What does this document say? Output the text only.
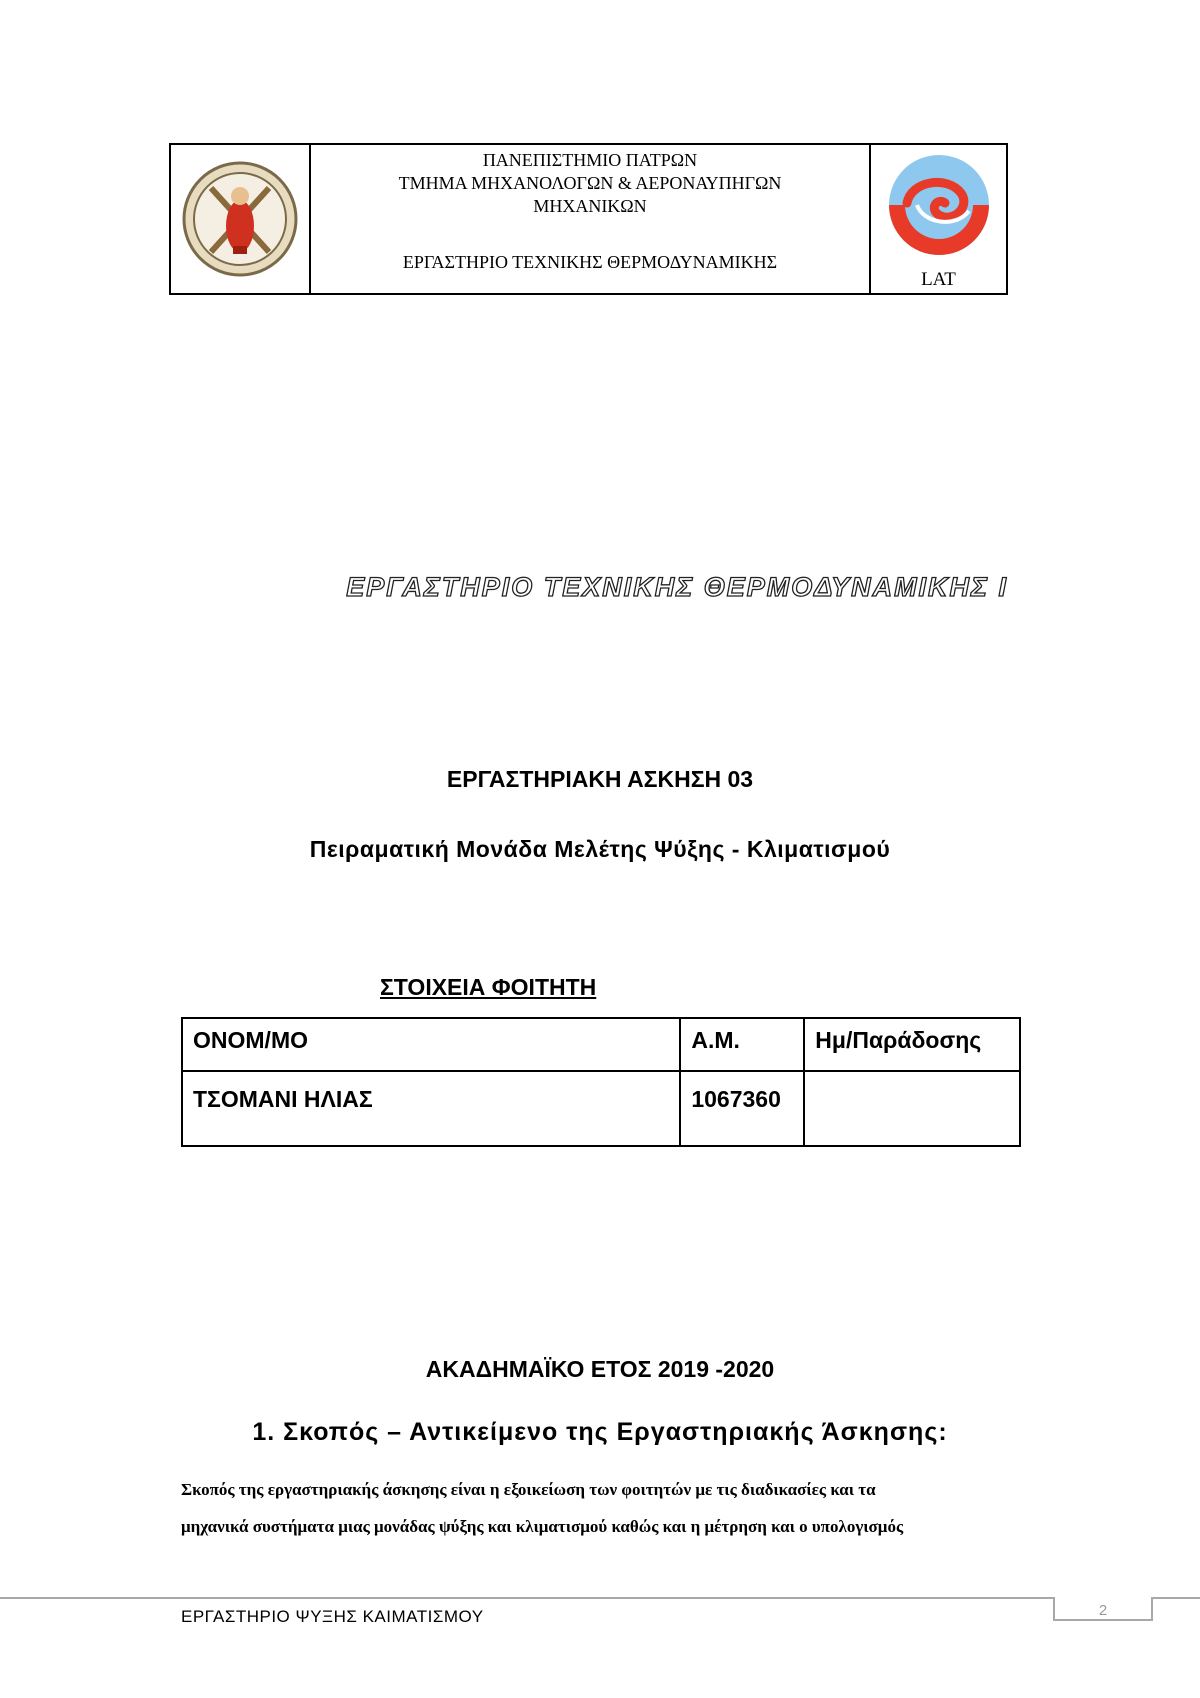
ΠΑΝΕΠΙΣΤΗΜΙΟ ΠΑΤΡΩΝ
ΤΜΗΜΑ ΜΗΧΑΝΟΛΟΓΩΝ & ΑΕΡΟΝΑΥΠΗΓΩΝ
ΜΗΧΑΝΙΚΩΝ
ΕΡΓΑΣΤΗΡΙΟ ΤΕΧΝΙΚΗΣ ΘΕΡΜΟΔΥΝΑΜΙΚΗΣ
LAT
ΕΡΓΑΣΤΗΡΙΟ ΤΕΧΝΙΚΗΣ ΘΕΡΜΟΔΥΝΑΜΙΚΗΣ Ι
ΕΡΓΑΣΤΗΡΙΑΚΗ ΑΣΚΗΣΗ 03
Πειραματική Μονάδα Μελέτης Ψύξης - Κλιματισμού
ΣΤΟΙΧΕΙΑ ΦΟΙΤΗΤΗ
ΟΝΟΜ/ΜΟ	Α.Μ.	Ημ/Παράδοσης
ΤΣΟΜΑΝΙ ΗΛΙΑΣ	1067360	
ΑΚΑΔΗΜΑΪΚΟ ΕΤΟΣ 2019 -2020
1. Σκοπός – Αντικείμενο της Εργαστηριακής Άσκησης:
Σκοπός της εργαστηριακής άσκησης είναι η εξοικείωση των φοιτητών με τις διαδικασίες και τα
μηχανικά συστήματα μιας μονάδας ψύξης και κλιματισμού καθώς και η μέτρηση και ο υπολογισμός
ΕΡΓΑΣΤΗΡΙΟ ΨΥΞΗΣ ΚΑΙΜΑΤΙΣΜΟΥ	2
